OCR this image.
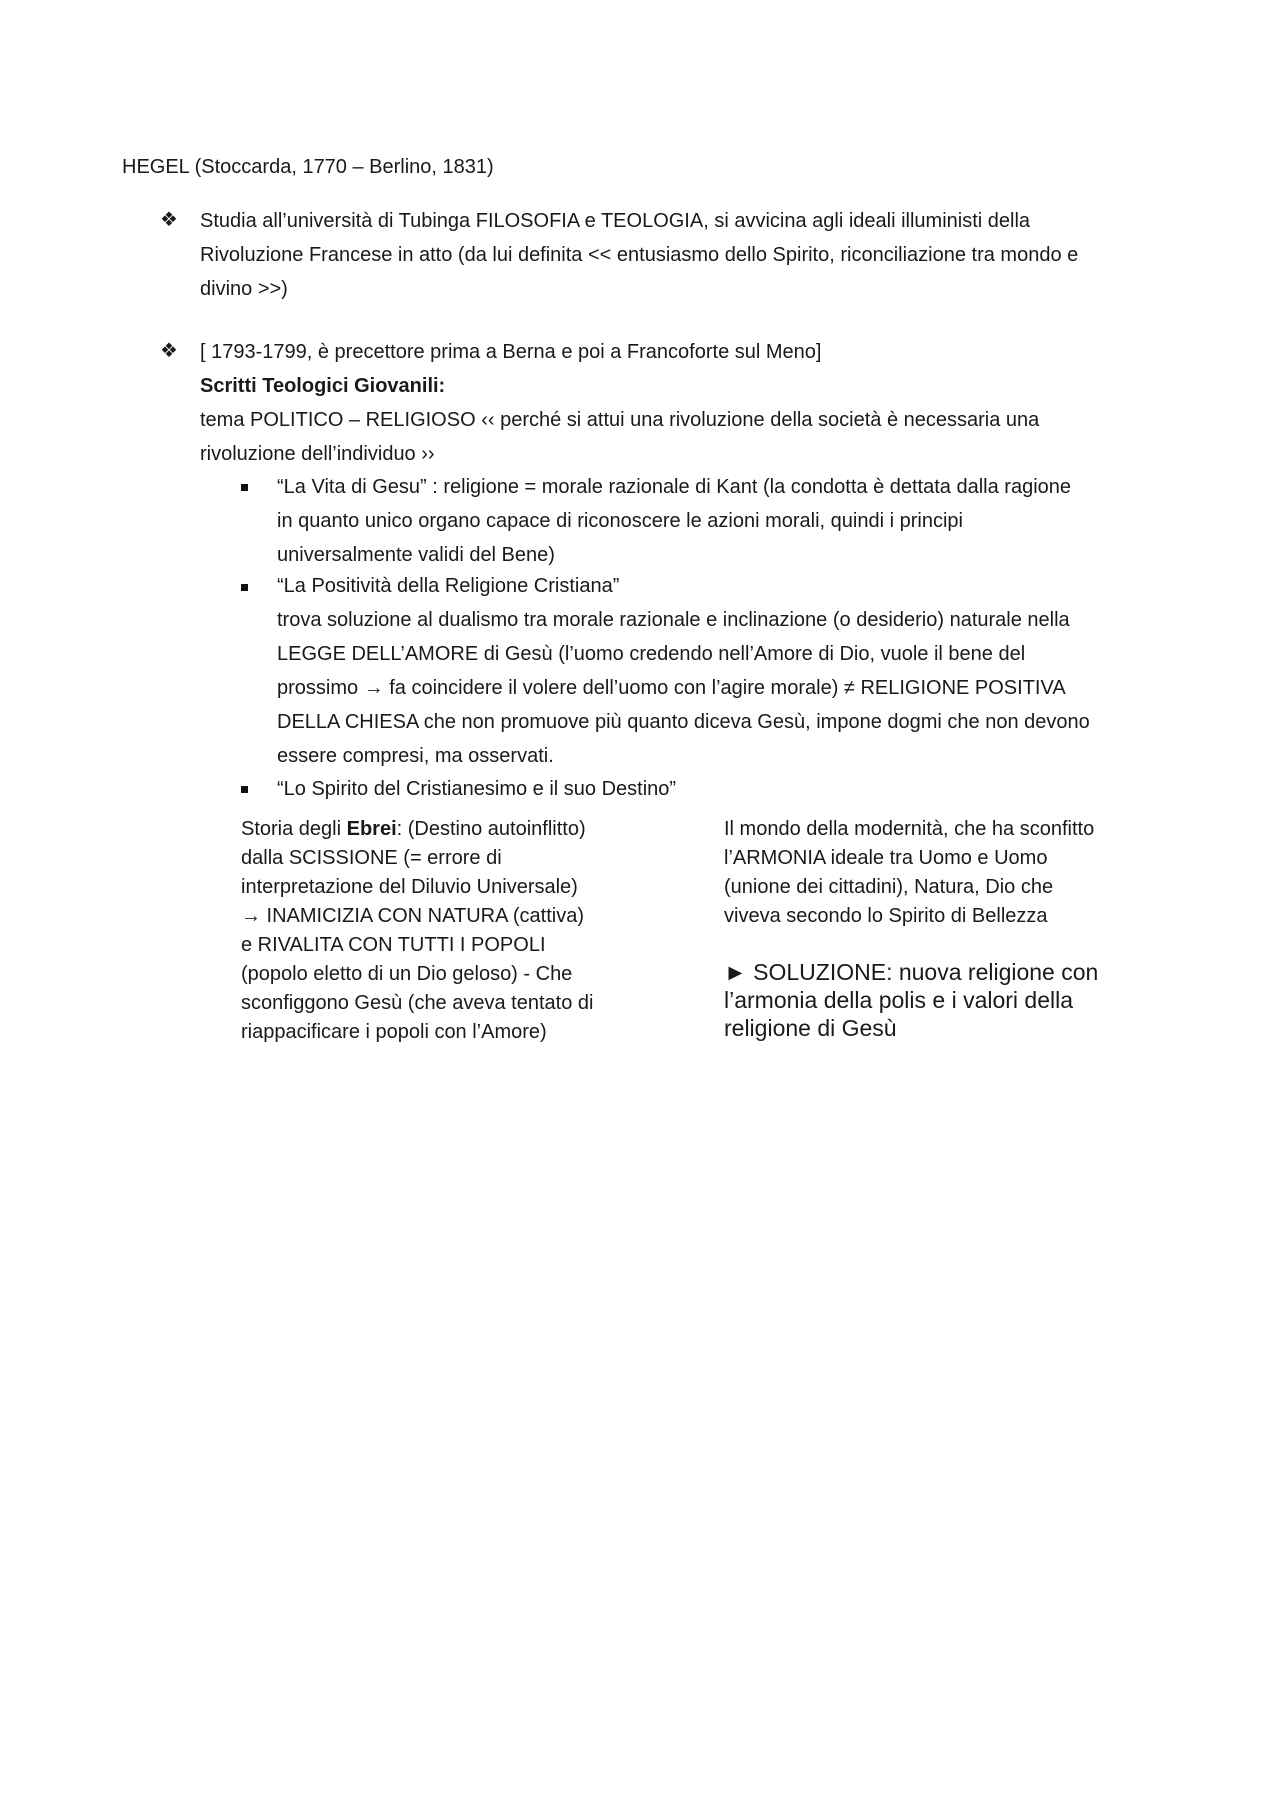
HEGEL (Stoccarda, 1770 – Berlino, 1831)
❖ Studia all’università di Tubinga FILOSOFIA e TEOLOGIA, si avvicina agli ideali illuministi della
Rivoluzione Francese in atto (da lui definita << entusiasmo dello Spirito, riconciliazione tra mondo e
divino >>)
❖ [ 1793-1799, è precettore prima a Berna e poi a Francoforte sul Meno]
Scritti Teologici Giovanili:
tema POLITICO – RELIGIOSO ‹‹ perché si attui una rivoluzione della società è necessaria una
rivoluzione dell’individuo ››
“La Vita di Gesu” : religione = morale razionale di Kant (la condotta è dettata dalla ragione
in quanto unico organo capace di riconoscere le azioni morali, quindi i principi
universalmente validi del Bene)
“La Positività della Religione Cristiana”
trova soluzione al dualismo tra morale razionale e inclinazione (o desiderio) naturale nella
LEGGE DELL’AMORE di Gesù (l’uomo credendo nell’Amore di Dio, vuole il bene del
prossimo → fa coincidere il volere dell’uomo con l’agire morale) ≠ RELIGIONE POSITIVA
DELLA CHIESA che non promuove più quanto diceva Gesù, impone dogmi che non devono
essere compresi, ma osservati.
“Lo Spirito del Cristianesimo e il suo Destino”
Storia degli Ebrei: (Destino autoinflitto)
dalla SCISSIONE (= errore di
interpretazione del Diluvio Universale)
→ INAMICIZIA CON NATURA (cattiva)
e RIVALITA CON TUTTI I POPOLI
(popolo eletto di un Dio geloso) - Che
sconfiggono Gesù (che aveva tentato di
riappacificare i popoli con l’Amore)
Il mondo della modernità, che ha sconfitto
l’ARMONIA ideale tra Uomo e Uomo
(unione dei cittadini), Natura, Dio che
viveva secondo lo Spirito di Bellezza
► SOLUZIONE: nuova religione con
l’armonia della polis e i valori della
religione di Gesù
